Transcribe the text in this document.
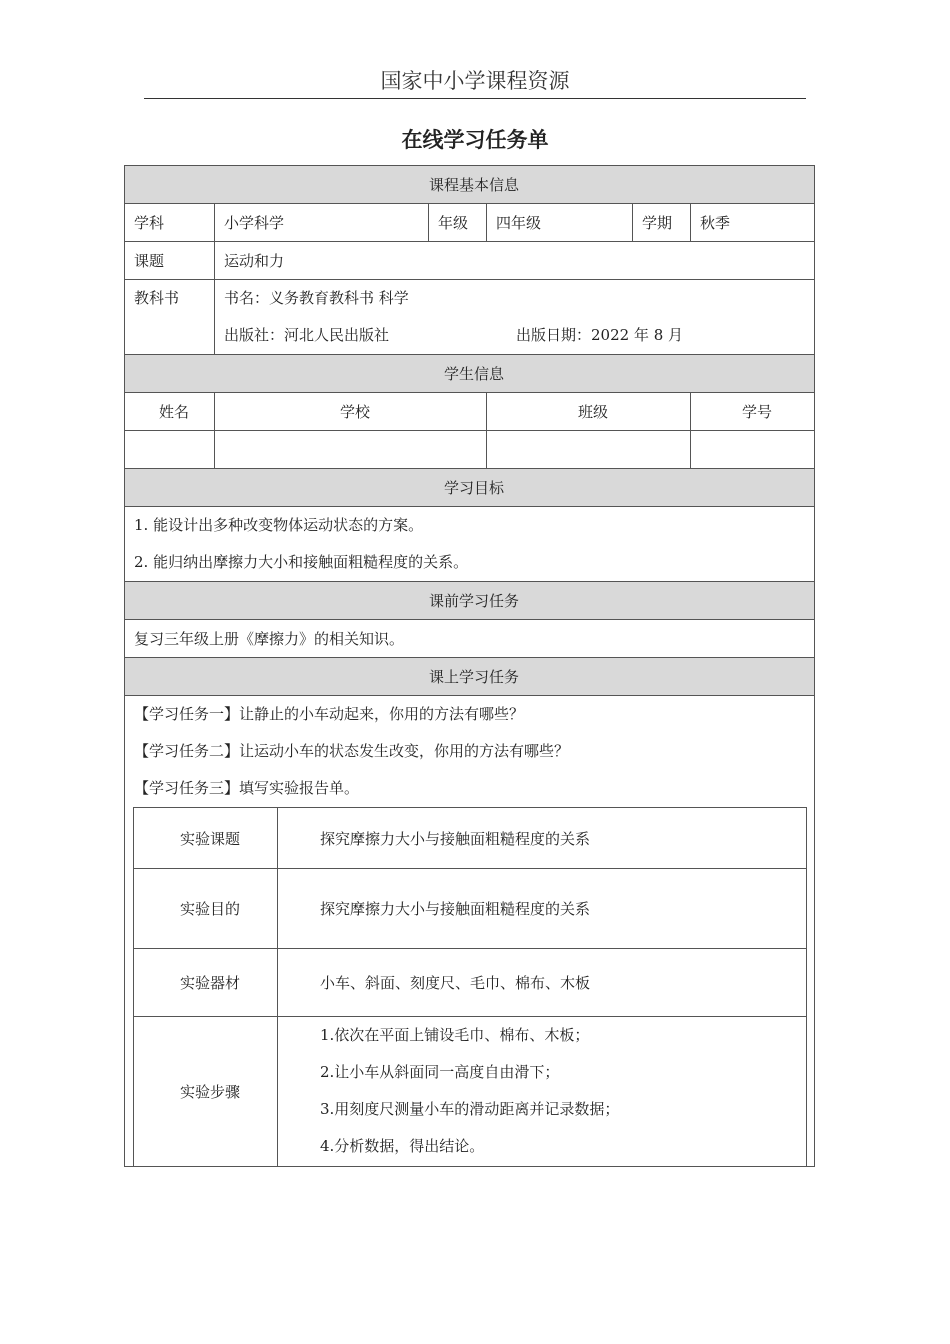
国家中小学课程资源
在线学习任务单
课程基本信息
学科	小学科学	年级	四年级	学期	秋季
课题	运动和力
教科书	书名：义务教育教科书 科学
出版社：河北人民出版社	出版日期：2022 年 8 月

学生信息
姓名	学校	班级	学号

学习目标

1. 能设计出多种改变物体运动状态的方案。
2. 能归纳出摩擦力大小和接触面粗糙程度的关系。

课前学习任务
复习三年级上册《摩擦力》的相关知识。
课上学习任务

【学习任务一】让静止的小车动起来，你用的方法有哪些？
【学习任务二】让运动小车的状态发生改变，你用的方法有哪些？
【学习任务三】填写实验报告单。
实验课题	探究摩擦力大小与接触面粗糙程度的关系
实验目的	探究摩擦力大小与接触面粗糙程度的关系
实验器材	小车、斜面、刻度尺、毛巾、棉布、木板
实验步骤	
1.依次在平面上铺设毛巾、棉布、木板；
2.让小车从斜面同一高度自由滑下；
3.用刻度尺测量小车的滑动距离并记录数据；
4.分析数据，得出结论。
